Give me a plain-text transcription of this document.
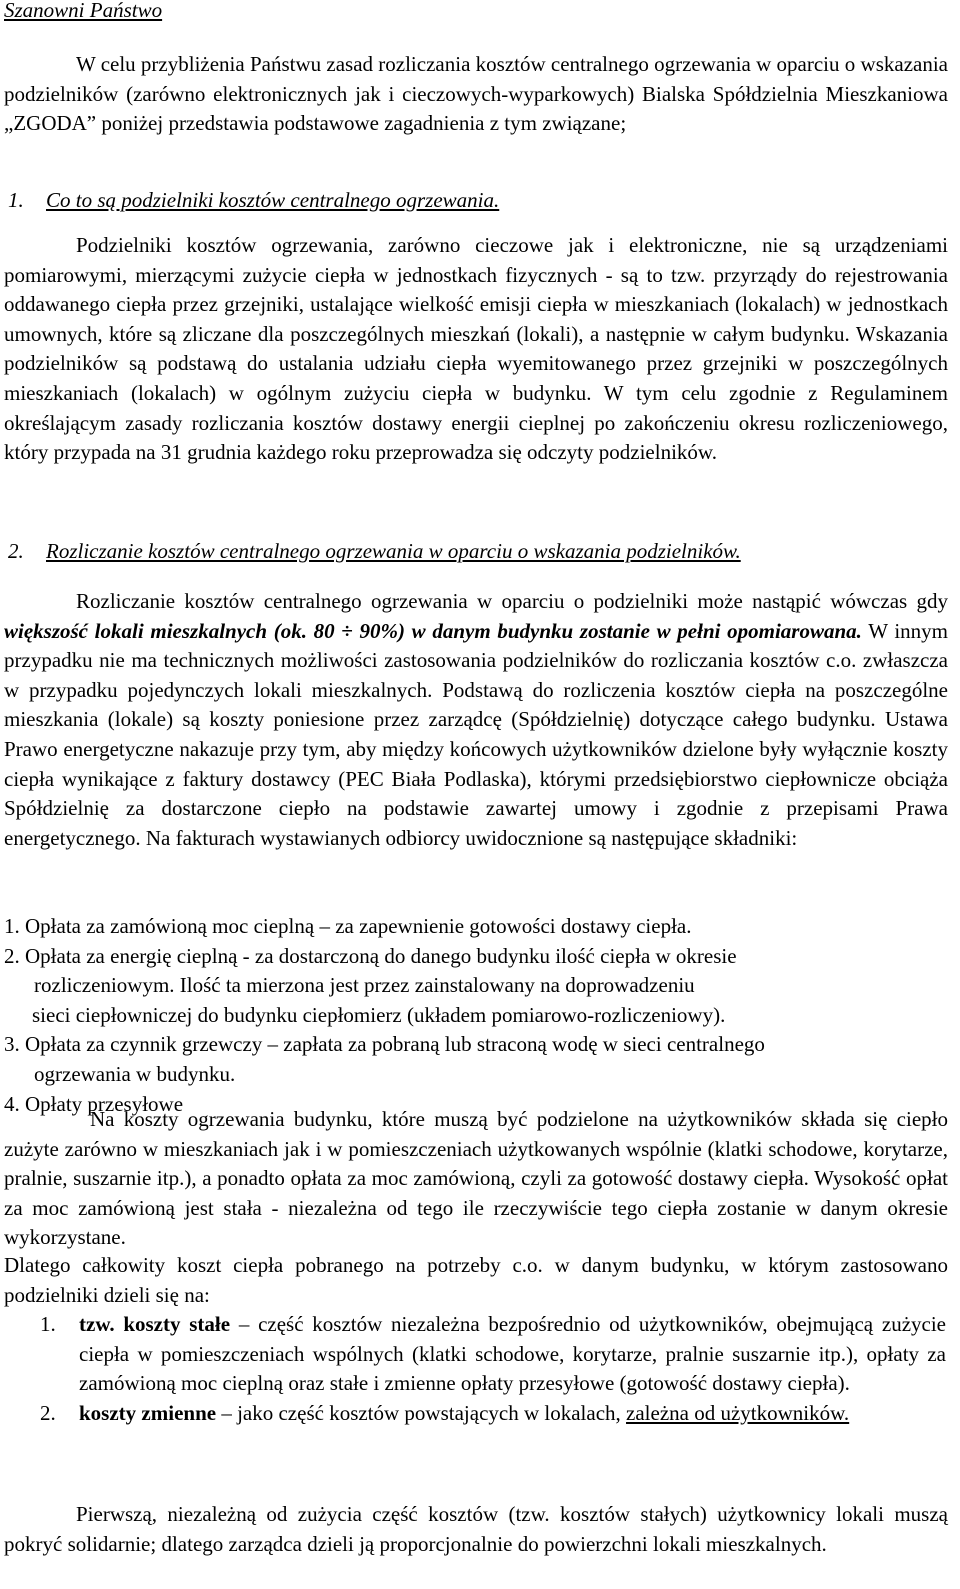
Szanowni Państwo

W celu przybliżenia Państwu zasad rozliczania kosztów centralnego ogrzewania w oparciu o wskazania podzielników (zarówno elektronicznych jak i cieczowych-wyparkowych) Bialska Spółdzielnia Mieszkaniowa „ZGODA” poniżej przedstawia podstawowe zagadnienia z tym związane;

1. Co to są podzielniki kosztów centralnego ogrzewania.

Podzielniki kosztów ogrzewania, zarówno cieczowe jak i elektroniczne, nie są urządzeniami pomiarowymi, mierzącymi zużycie ciepła w jednostkach fizycznych - są to tzw. przyrządy do rejestrowania oddawanego ciepła przez grzejniki, ustalające wielkość emisji ciepła w mieszkaniach (lokalach) w jednostkach umownych, które są zliczane dla poszczególnych mieszkań (lokali), a następnie w całym budynku. Wskazania podzielników są podstawą do ustalania udziału ciepła wyemitowanego przez grzejniki w poszczególnych mieszkaniach (lokalach) w ogólnym zużyciu ciepła w budynku. W tym celu zgodnie z Regulaminem określającym zasady rozliczania kosztów dostawy energii cieplnej po zakończeniu okresu rozliczeniowego, który przypada na 31 grudnia każdego roku przeprowadza się odczyty podzielników.

2. Rozliczanie kosztów centralnego ogrzewania w oparciu o wskazania podzielników.

Rozliczanie kosztów centralnego ogrzewania w oparciu o podzielniki może nastąpić wówczas gdy większość lokali mieszkalnych (ok. 80 ÷ 90%) w danym budynku zostanie w pełni opomiarowana. W innym przypadku nie ma technicznych możliwości zastosowania podzielników do rozliczania kosztów c.o. zwłaszcza w przypadku pojedynczych lokali mieszkalnych. Podstawą do rozliczenia kosztów ciepła na poszczególne mieszkania (lokale) są koszty poniesione przez zarządcę (Spółdzielnię) dotyczące całego budynku. Ustawa Prawo energetyczne nakazuje przy tym, aby między końcowych użytkowników dzielone były wyłącznie koszty ciepła wynikające z faktury dostawcy (PEC Biała Podlaska), którymi przedsiębiorstwo ciepłownicze obciąża Spółdzielnię za dostarczone ciepło na podstawie zawartej umowy i zgodnie z przepisami Prawa energetycznego. Na fakturach wystawianych odbiorcy uwidocznione są następujące składniki:

1. Opłata za zamówioną moc cieplną – za zapewnienie gotowości dostawy ciepła.
2. Opłata za energię cieplną - za dostarczoną do danego budynku ilość ciepła w okresie
rozliczeniowym. Ilość ta mierzona jest przez zainstalowany na doprowadzeniu
sieci ciepłowniczej do budynku ciepłomierz (układem pomiarowo-rozliczeniowy).
3. Opłata za czynnik grzewczy – zapłata za pobraną lub straconą wodę w sieci centralnego
ogrzewania w budynku.
4. Opłaty przesyłowe

Na koszty ogrzewania budynku, które muszą być podzielone na użytkowników składa się ciepło zużyte zarówno w mieszkaniach jak i w pomieszczeniach użytkowanych wspólnie (klatki schodowe, korytarze, pralnie, suszarnie itp.), a ponadto opłata za moc zamówioną, czyli za gotowość dostawy ciepła. Wysokość opłat za moc zamówioną jest stała - niezależna od tego ile rzeczywiście tego ciepła zostanie w danym okresie wykorzystane.

Dlatego całkowity koszt ciepła pobranego na potrzeby c.o. w danym budynku, w którym zastosowano podzielniki dzieli się na:

1.	tzw. koszty stałe – część kosztów niezależna bezpośrednio od użytkowników, obejmującą zużycie ciepła w pomieszczeniach wspólnych (klatki schodowe, korytarze, pralnie suszarnie itp.), opłaty za zamówioną moc cieplną oraz stałe i zmienne opłaty przesyłowe (gotowość dostawy ciepła).
2.	koszty zmienne – jako część kosztów powstających w lokalach, zależna od użytkowników.

Pierwszą, niezależną od zużycia część kosztów (tzw. kosztów stałych) użytkownicy lokali muszą pokryć solidarnie; dlatego zarządca dzieli ją proporcjonalnie do powierzchni lokali mieszkalnych.
